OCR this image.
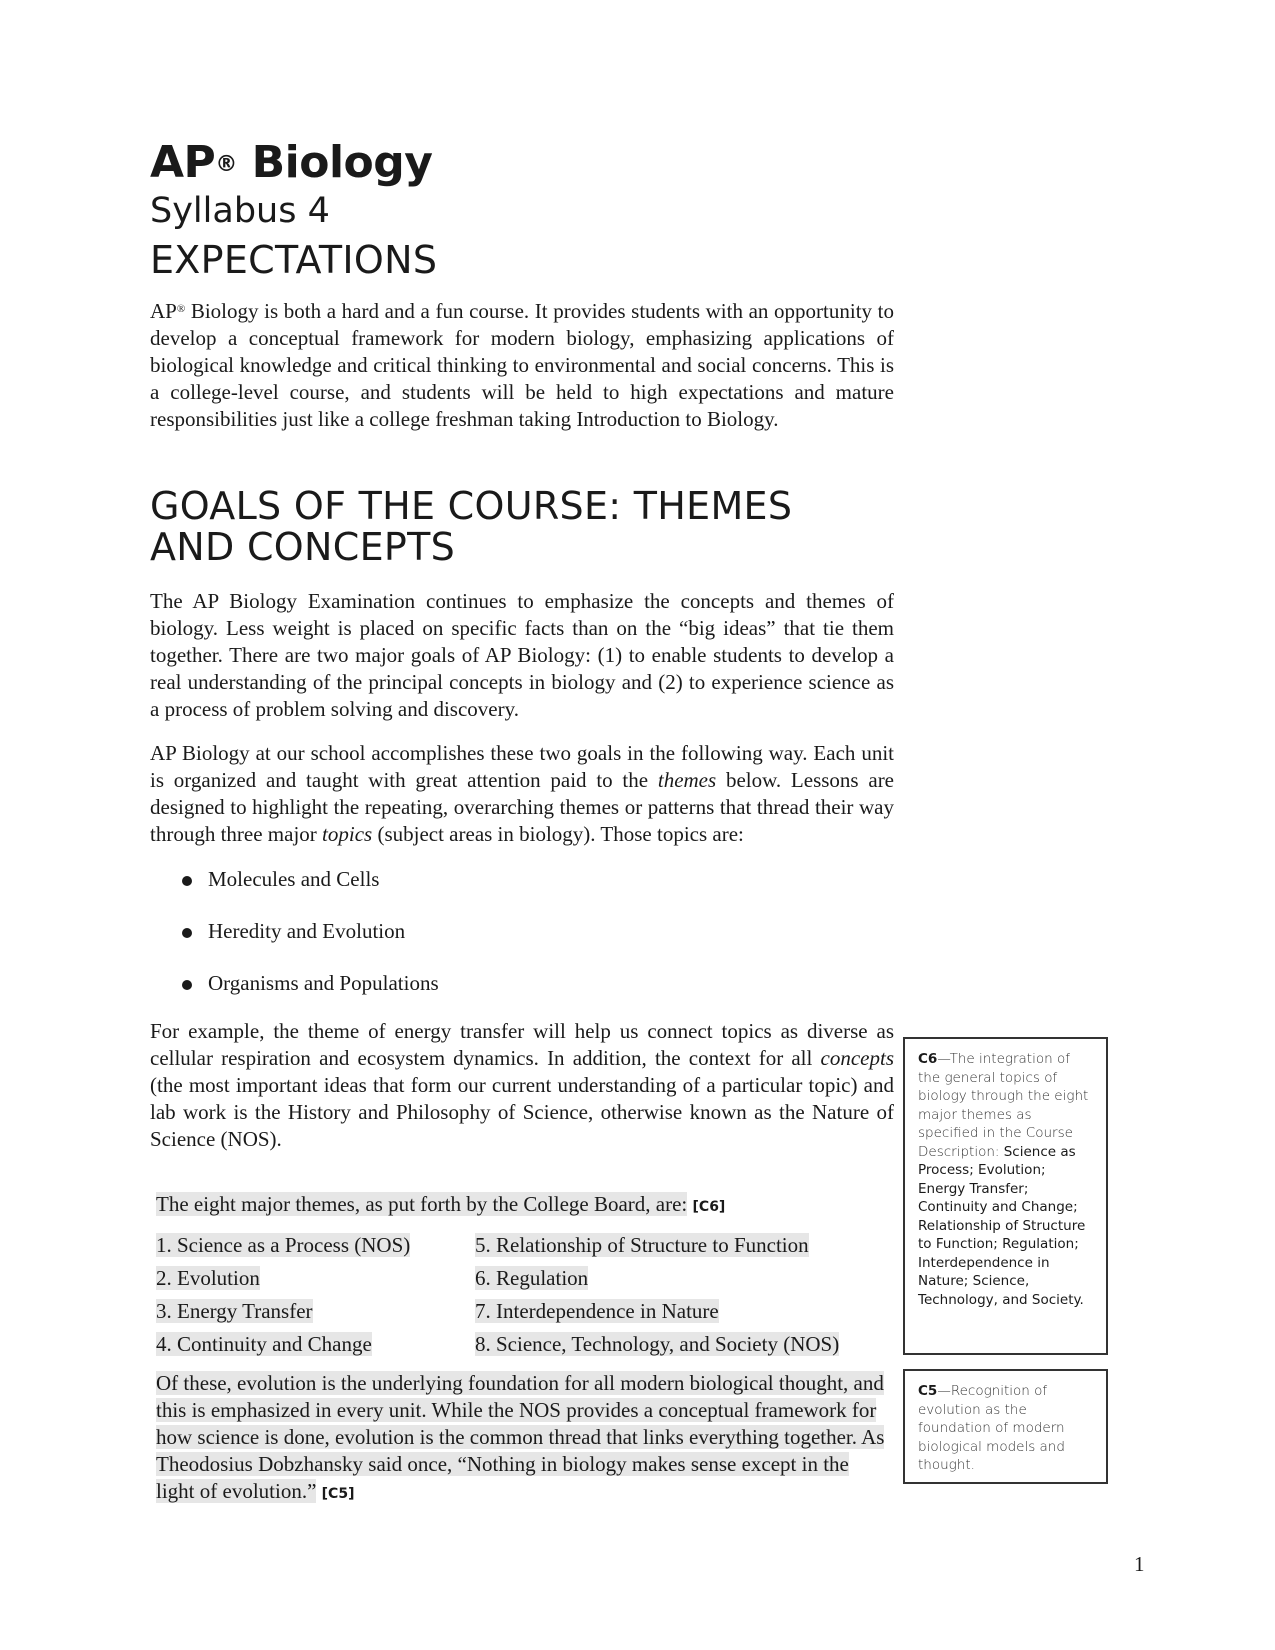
AP® Biology
Syllabus 4
EXPECTATIONS

AP® Biology is both a hard and a fun course. It provides students with an opportunity to develop a conceptual framework for modern biology, emphasizing applications of biological knowledge and critical thinking to environmental and social concerns. This is a college-level course, and students will be held to high expectations and mature responsibilities just like a college freshman taking Introduction to Biology.

GOALS OF THE COURSE: THEMES
AND CONCEPTS

The AP Biology Examination continues to emphasize the concepts and themes of biology. Less weight is placed on specific facts than on the “big ideas” that tie them together. There are two major goals of AP Biology: (1) to enable students to develop a real understanding of the principal concepts in biology and (2) to experience science as a process of problem solving and discovery.

AP Biology at our school accomplishes these two goals in the following way. Each unit is organized and taught with great attention paid to the themes below. Lessons are designed to highlight the repeating, overarching themes or patterns that thread their way through three major topics (subject areas in biology). Those topics are:

Molecules and Cells
Heredity and Evolution
Organisms and Populations

For example, the theme of energy transfer will help us connect topics as diverse as cellular respiration and ecosystem dynamics. In addition, the context for all concepts (the most important ideas that form our current understanding of a particular topic) and lab work is the History and Philosophy of Science, otherwise known as the Nature of Science (NOS).

The eight major themes, as put forth by the College Board, are: [C6]

1. Science as a Process (NOS)
2. Evolution
3. Energy Transfer
4. Continuity and Change
5. Relationship of Structure to Function
6. Regulation
7. Interdependence in Nature
8. Science, Technology, and Society (NOS)

Of these, evolution is the underlying foundation for all modern biological thought, and this is emphasized in every unit. While the NOS provides a conceptual framework for how science is done, evolution is the common thread that links everything together. As Theodosius Dobzhansky said once, “Nothing in biology makes sense except in the light of evolution.” [C5]

C6—The integration of the general topics of biology through the eight major themes as specified in the Course Description: Science as Process; Evolution; Energy Transfer; Continuity and Change; Relationship of Structure to Function; Regulation; Interdependence in Nature; Science, Technology, and Society.
C5—Recognition of evolution as the foundation of modern biological models and thought.
1
